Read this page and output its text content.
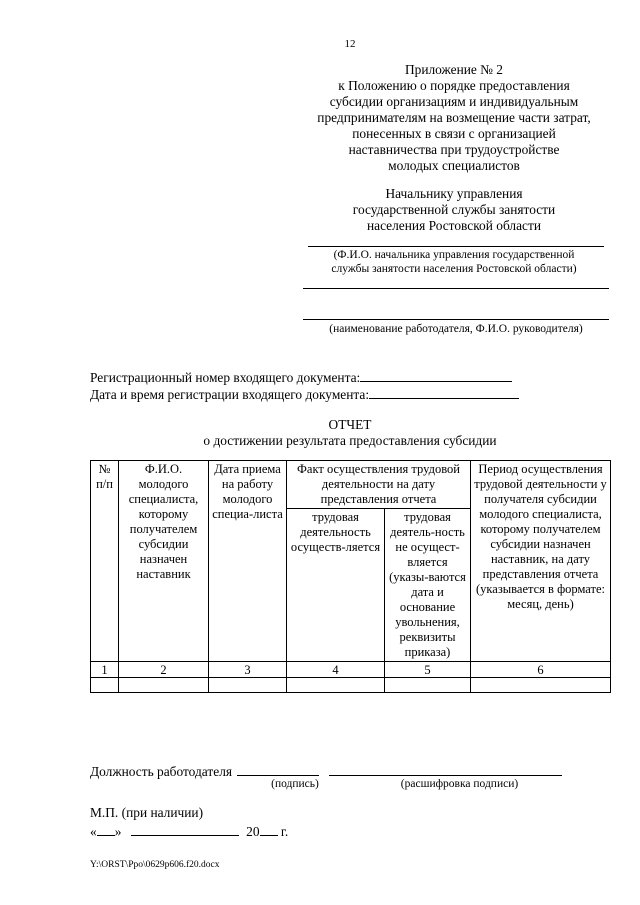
12
Приложение № 2
к Положению о порядке предоставления
субсидии организациям и индивидуальным
предпринимателям на возмещение части затрат,
понесенных в связи с организацией
наставничества при трудоустройстве
молодых специалистов
Начальнику управления
государственной службы занятости
населения Ростовской области
(Ф.И.О. начальника управления государственной
службы занятости населения Ростовской области)
(наименование работодателя, Ф.И.О. руководителя)
Регистрационный номер входящего документа:
Дата и время регистрации входящего документа:
ОТЧЕТ
о достижении результата предоставления субсидии
№ п/п	Ф.И.О. молодого специалиста, которому получателем субсидии назначен наставник	Дата приема на работу молодого специа-листа	Факт осуществления трудовой деятельности на дату представления отчета		Период осуществления трудовой деятельности у получателя субсидии молодого специалиста, которому получателем субсидии назначен наставник, на дату представления отчета (указывается в формате: месяц, день)
			трудовая деятельность осуществ-ляется	трудовая деятель-ность не осущест-вляется (указы-ваются дата и основание увольнения, реквизиты приказа)	
1	2	3	4	5	6

Должность работодателя
(подпись)	(расшифровка подписи)
М.П. (при наличии)
« »	20 г.
Y:\ORST\Ppo\0629p606.f20.docx
